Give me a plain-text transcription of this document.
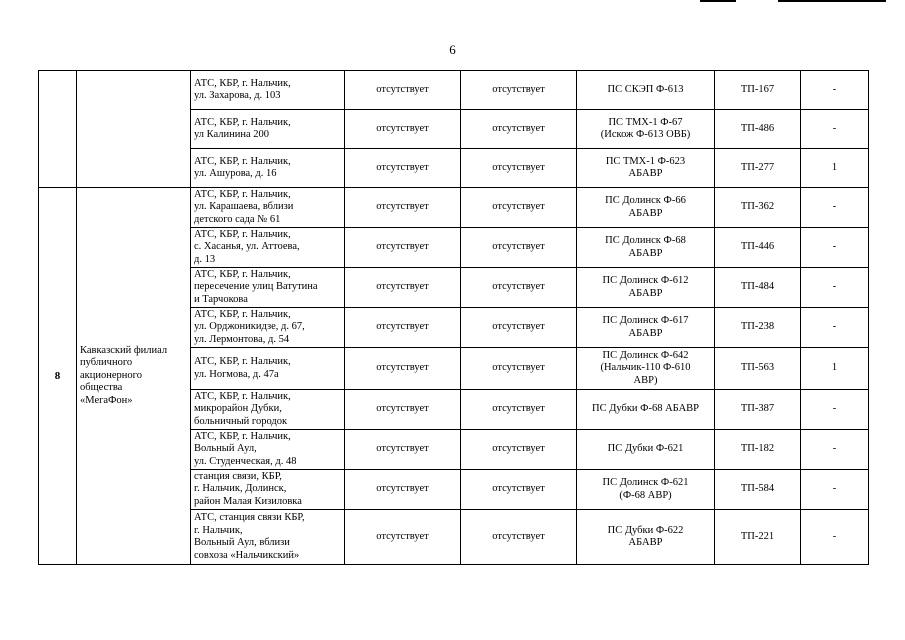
6
		АТС, КБР, г. Нальчик,
ул. Захарова, д. 103	отсутствует	отсутствует	ПС СКЭП Ф-613	ТП-167	-
		АТС, КБР, г. Нальчик,
ул Калинина 200	отсутствует	отсутствует	ПС ТМХ-1 Ф-67
(Искож Ф-613 ОВБ)	ТП-486	-
		АТС, КБР, г. Нальчик,
ул. Ашурова, д. 16	отсутствует	отсутствует	ПС ТМХ-1 Ф-623
АБАВР	ТП-277	1
8	Кавказский филиал
публичного
акционерного
общества
«МегаФон»	АТС, КБР, г. Нальчик,
ул. Карашаева, вблизи
детского сада № 61	отсутствует	отсутствует	ПС Долинск Ф-66
АБАВР	ТП-362	-
		АТС, КБР, г. Нальчик,
с. Хасанья, ул. Аттоева,
д. 13	отсутствует	отсутствует	ПС Долинск Ф-68
АБАВР	ТП-446	-
		АТС, КБР, г. Нальчик,
пересечение улиц Ватутина
и Тарчокова	отсутствует	отсутствует	ПС Долинск Ф-612
АБАВР	ТП-484	-
		АТС, КБР, г. Нальчик,
ул. Орджоникидзе, д. 67,
ул. Лермонтова, д. 54	отсутствует	отсутствует	ПС Долинск Ф-617
АБАВР	ТП-238	-
		АТС, КБР, г. Нальчик,
ул. Ногмова, д. 47а	отсутствует	отсутствует	ПС Долинск Ф-642
(Нальчик-110 Ф-610
АВР)	ТП-563	1
		АТС, КБР, г. Нальчик,
микрорайон Дубки,
больничный городок	отсутствует	отсутствует	ПС Дубки Ф-68 АБАВР	ТП-387	-
		АТС, КБР, г. Нальчик,
Вольный Аул,
ул. Студенческая, д. 48	отсутствует	отсутствует	ПС Дубки Ф-621	ТП-182	-
		станция связи, КБР,
г. Нальчик, Долинск,
район Малая Кизиловка	отсутствует	отсутствует	ПС Долинск Ф-621
(Ф-68 АВР)	ТП-584	-
		АТС, станция связи КБР,
г. Нальчик,
Вольный Аул, вблизи
совхоза «Нальчикский»	отсутствует	отсутствует	ПС Дубки Ф-622
АБАВР	ТП-221	-
